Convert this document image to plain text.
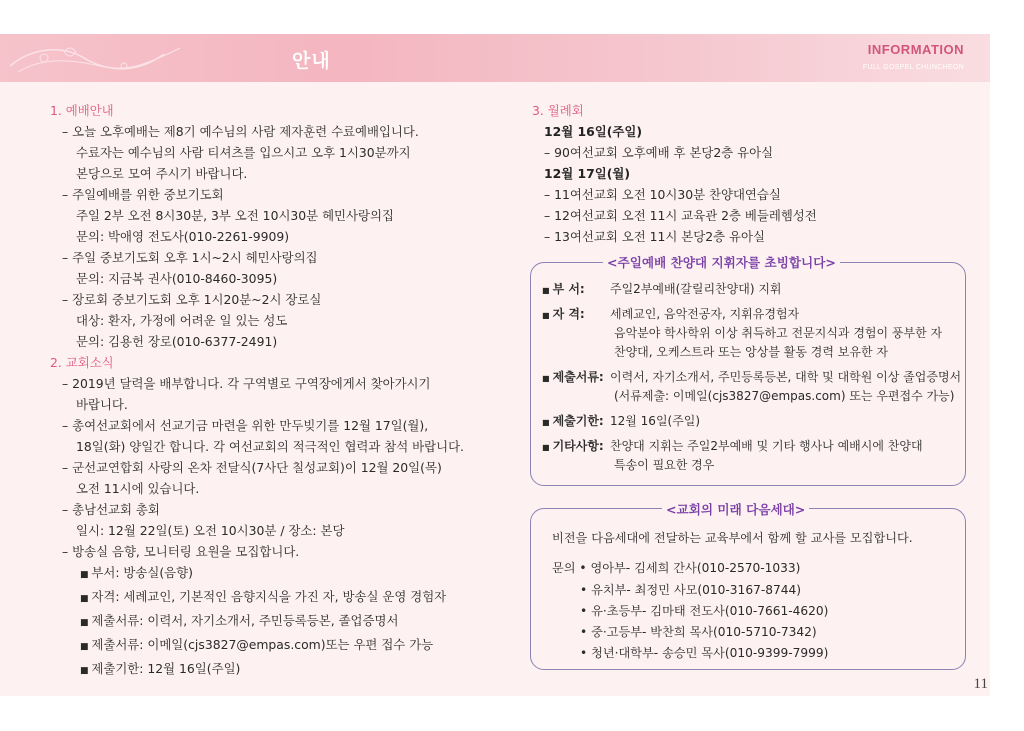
안내
INFORMATION
FULL GOSPEL CHUNCHEON
1. 예배안내
– 오늘 오후예배는 제8기 예수님의 사람 제자훈련 수료예배입니다.
수료자는 예수님의 사람 티셔츠를 입으시고 오후 1시30분까지
본당으로 모여 주시기 바랍니다.
– 주일예배를 위한 중보기도회
주일 2부 오전 8시30분, 3부 오전 10시30분 헤민사랑의집
문의: 박애영 전도사(010-2261-9909)
– 주일 중보기도회 오후 1시~2시 헤민사랑의집
문의: 지금복 권사(010-8460-3095)
– 장로회 중보기도회 오후 1시20분~2시 장로실
대상: 환자, 가정에 어려운 일 있는 성도
문의: 김용헌 장로(010-6377-2491)
2. 교회소식
– 2019년 달력을 배부합니다. 각 구역별로 구역장에게서 찾아가시기
바랍니다.
– 총여선교회에서 선교기금 마련을 위한 만두빚기를 12월 17일(월),
18일(화) 양일간 합니다. 각 여선교회의 적극적인 협력과 참석 바랍니다.
– 군선교연합회 사랑의 온차 전달식(7사단 칠성교회)이 12월 20일(목)
오전 11시에 있습니다.
– 총남선교회 총회
일시: 12월 22일(토) 오전 10시30분 / 장소: 본당
– 방송실 음향, 모니터링 요원을 모집합니다.
■ 부서: 방송실(음향)
■ 자격: 세례교인, 기본적인 음향지식을 가진 자, 방송실 운영 경험자
■ 제출서류: 이력서, 자기소개서, 주민등록등본, 졸업증명서
■ 제출서류: 이메일(cjs3827@empas.com)또는 우편 접수 가능
■ 제출기한: 12월 16일(주일)
3. 월례회
12월 16일(주일)
– 90여선교회 오후예배 후 본당2층 유아실
12월 17일(월)
– 11여선교회 오전 10시30분 찬양대연습실
– 12여선교회 오전 11시 교육관 2층 베들레헴성전
– 13여선교회 오전 11시 본당2층 유아실
<주일예배 찬양대 지휘자를 초빙합니다>
■ 부 서: 주일2부예배(갈릴리찬양대) 지휘
■ 자 격: 세례교인, 음악전공자, 지휘유경험자
음악분야 학사학위 이상 취득하고 전문지식과 경험이 풍부한 자
찬양대, 오케스트라 또는 앙상블 활동 경력 보유한 자
■ 제출서류: 이력서, 자기소개서, 주민등록등본, 대학 및 대학원 이상 졸업증명서
(서류제출: 이메일(cjs3827@empas.com) 또는 우편접수 가능)
■ 제출기한: 12월 16일(주일)
■ 기타사항: 찬양대 지휘는 주일2부예배 및 기타 행사나 예배시에 찬양대
특송이 필요한 경우
<교회의 미래 다음세대>
비전을 다음세대에 전달하는 교육부에서 함께 할 교사를 모집합니다.
문의 • 영아부- 김세희 간사(010-2570-1033)
• 유치부- 최정민 사모(010-3167-8744)
• 유·초등부- 김마태 전도사(010-7661-4620)
• 중·고등부- 박찬희 목사(010-5710-7342)
• 청년·대학부- 송승민 목사(010-9399-7999)
11
